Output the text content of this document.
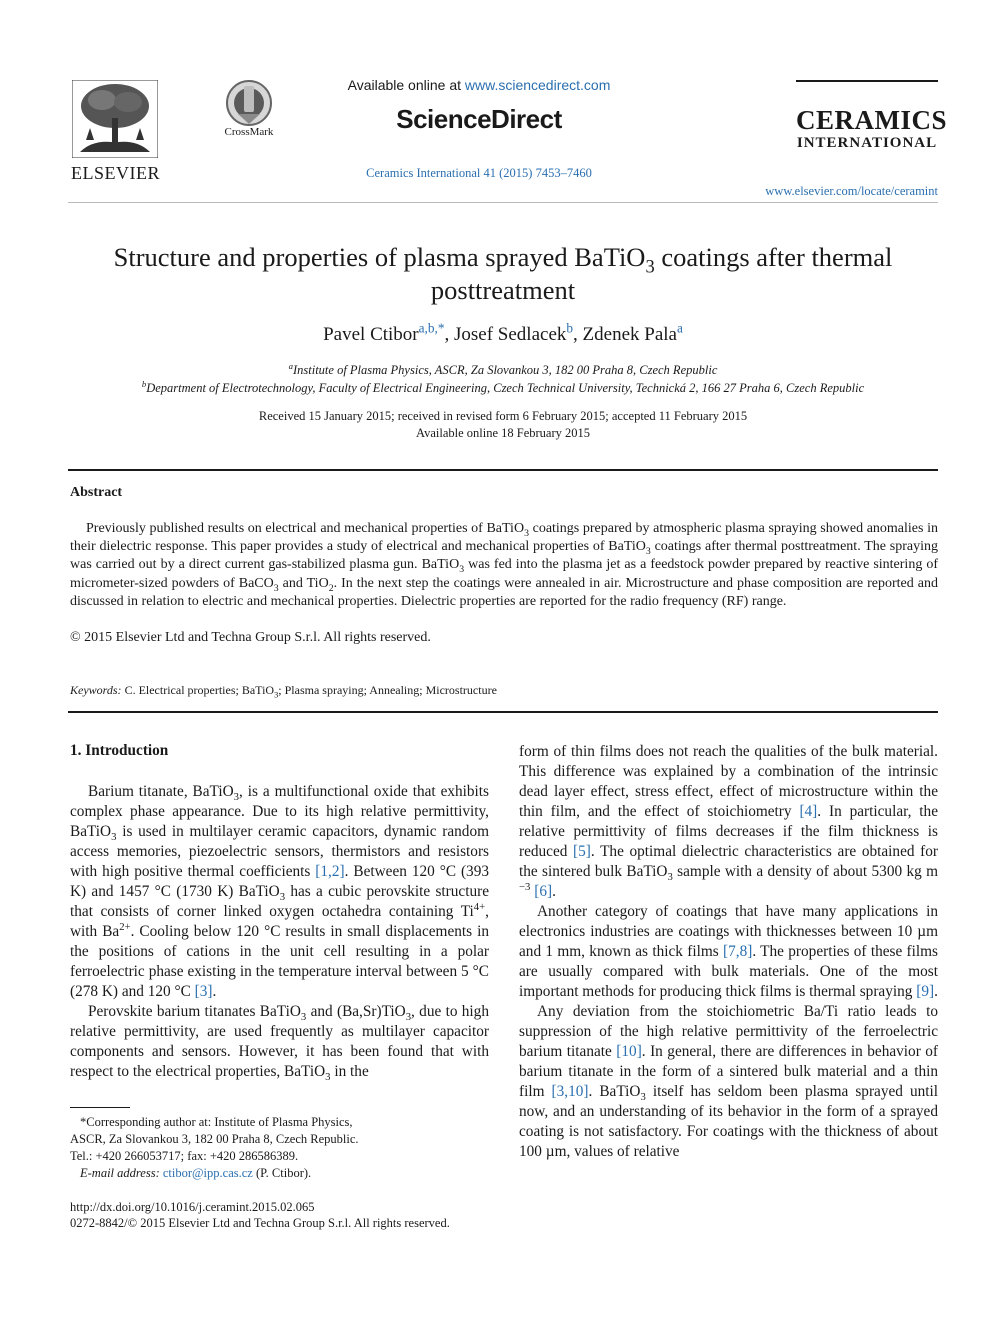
ELSEVIER
CrossMark
Available online at www.sciencedirect.com
ScienceDirect
Ceramics International 41 (2015) 7453–7460
CERAMICS
INTERNATIONAL
www.elsevier.com/locate/ceramint
Structure and properties of plasma sprayed BaTiO$_3$ coatings after thermal posttreatment
Pavel Ctibor$^{a,b,*}$, Josef Sedlacek$^b$, Zdenek Pala$^a$
$^a$Institute of Plasma Physics, ASCR, Za Slovankou 3, 182 00 Praha 8, Czech Republic
$^b$Department of Electrotechnology, Faculty of Electrical Engineering, Czech Technical University, Technická 2, 166 27 Praha 6, Czech Republic
Received 15 January 2015; received in revised form 6 February 2015; accepted 11 February 2015
Available online 18 February 2015
Abstract

Previously published results on electrical and mechanical properties of BaTiO$_3$ coatings prepared by atmospheric plasma spraying showed anomalies in their dielectric response. This paper provides a study of electrical and mechanical properties of BaTiO$_3$ coatings after thermal posttreatment. The spraying was carried out by a direct current gas-stabilized plasma gun. BaTiO$_3$ was fed into the plasma jet as a feedstock powder prepared by reactive sintering of micrometer-sized powders of BaCO$_3$ and TiO$_2$. In the next step the coatings were annealed in air. Microstructure and phase composition are reported and discussed in relation to electric and mechanical properties. Dielectric properties are reported for the radio frequency (RF) range.

© 2015 Elsevier Ltd and Techna Group S.r.l. All rights reserved.
Keywords: C. Electrical properties; BaTiO$_3$; Plasma spraying; Annealing; Microstructure
1. Introduction

Barium titanate, BaTiO$_3$, is a multifunctional oxide that exhibits complex phase appearance. Due to its high relative permittivity, BaTiO$_3$ is used in multilayer ceramic capacitors, dynamic random access memories, piezoelectric sensors, thermistors and resistors with high positive thermal coefficients [1,2]. Between 120 °C (393 K) and 1457 °C (1730 K) BaTiO$_3$ has a cubic perovskite structure that consists of corner linked oxygen octahedra containing $Ti^{4+}$, with $Ba^{2+}$. Cooling below 120 °C results in small displacements in the positions of cations in the unit cell resulting in a polar ferroelectric phase existing in the temperature interval between 5 °C (278 K) and 120 °C [3].

Perovskite barium titanates BaTiO$_3$ and (Ba,Sr)TiO$_3$, due to high relative permittivity, are used frequently as multilayer capacitor components and sensors. However, it has been found that with respect to the electrical properties, BaTiO$_3$ in the

form of thin films does not reach the qualities of the bulk material. This difference was explained by a combination of the intrinsic dead layer effect, stress effect, effect of microstructure within the thin film, and the effect of stoichiometry [4]. In particular, the relative permittivity of films decreases if the film thickness is reduced [5]. The optimal dielectric characteristics are obtained for the sintered bulk BaTiO$_3$ sample with a density of about 5300 kg m $^{-3}$ [6].

Another category of coatings that have many applications in electronics industries are coatings with thicknesses between 10 µm and 1 mm, known as thick films [7,8]. The properties of these films are usually compared with bulk materials. One of the most important methods for producing thick films is thermal spraying [9].

Any deviation from the stoichiometric Ba/Ti ratio leads to suppression of the high relative permittivity of the ferroelectric barium titanate [10]. In general, there are differences in behavior of barium titanate in the form of a sintered bulk material and a thin film [3,10]. BaTiO$_3$ itself has seldom been plasma sprayed until now, and an understanding of its behavior in the form of a sprayed coating is not satisfactory. For coatings with the thickness of about 100 µm, values of relative

*Corresponding author at: Institute of Plasma Physics,
ASCR, Za Slovankou 3, 182 00 Praha 8, Czech Republic.
Tel.: +420 266053717; fax: +420 286586389.
E-mail address: ctibor@ipp.cas.cz (P. Ctibor).
http://dx.doi.org/10.1016/j.ceramint.2015.02.065
0272-8842/© 2015 Elsevier Ltd and Techna Group S.r.l. All rights reserved.
